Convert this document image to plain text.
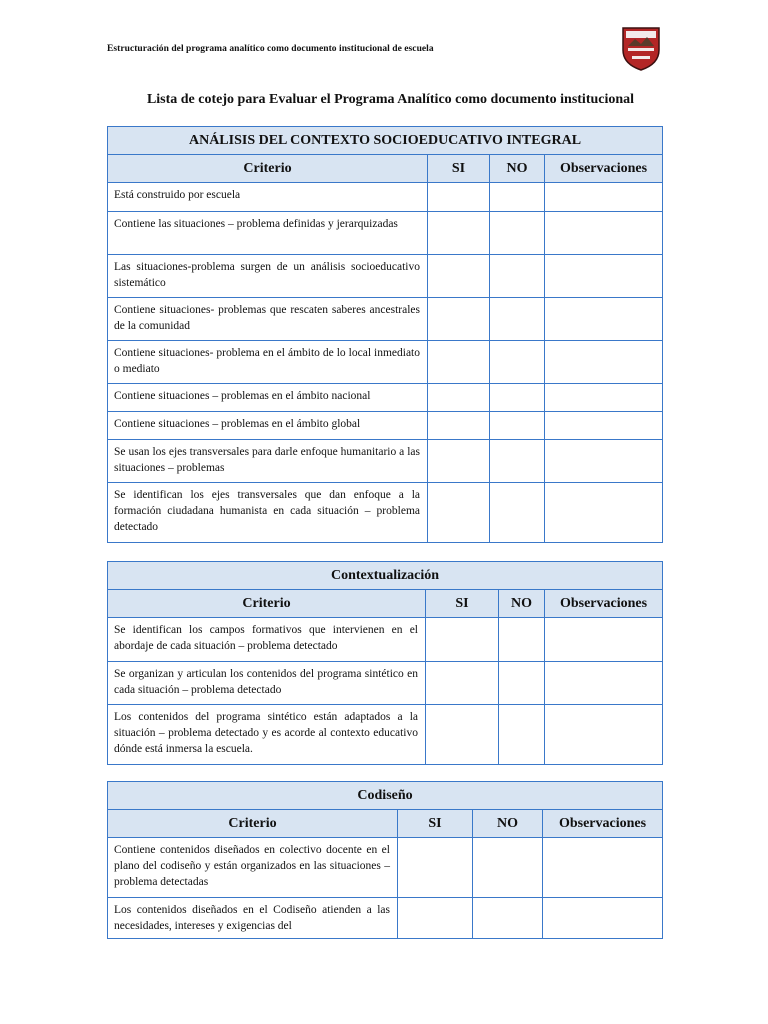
Estructuración del programa analítico como documento institucional de escuela
Lista de cotejo para Evaluar el Programa Analítico como documento institucional
ANÁLISIS DEL CONTEXTO SOCIOEDUCATIVO INTEGRAL			
Criterio	SI	NO	Observaciones
Está construido por escuela			
Contiene las situaciones – problema definidas y jerarquizadas			
Las situaciones-problema surgen de un análisis socioeducativo sistemático			
Contiene situaciones- problemas que rescaten saberes ancestrales de la comunidad			
Contiene situaciones- problema en el ámbito de lo local inmediato o mediato			
Contiene situaciones – problemas en el ámbito nacional			
Contiene situaciones – problemas en el ámbito global			
Se usan los ejes transversales para darle enfoque humanitario a las situaciones – problemas			
Se identifican los ejes transversales que dan enfoque a la formación ciudadana humanista en cada situación – problema detectado			
Contextualización			
Criterio	SI	NO	Observaciones
Se identifican los campos formativos que intervienen en el abordaje de cada situación – problema detectado			
Se organizan y articulan los contenidos del programa sintético en cada situación – problema detectado			
Los contenidos del programa sintético están adaptados a la situación – problema detectado y es acorde al contexto educativo dónde está inmersa la escuela.			
Codiseño			
Criterio	SI	NO	Observaciones
Contiene contenidos diseñados en colectivo docente en el plano del codiseño y están organizados en las situaciones – problema detectadas			
Los contenidos diseñados en el Codiseño atienden a las necesidades, intereses y exigencias del			
